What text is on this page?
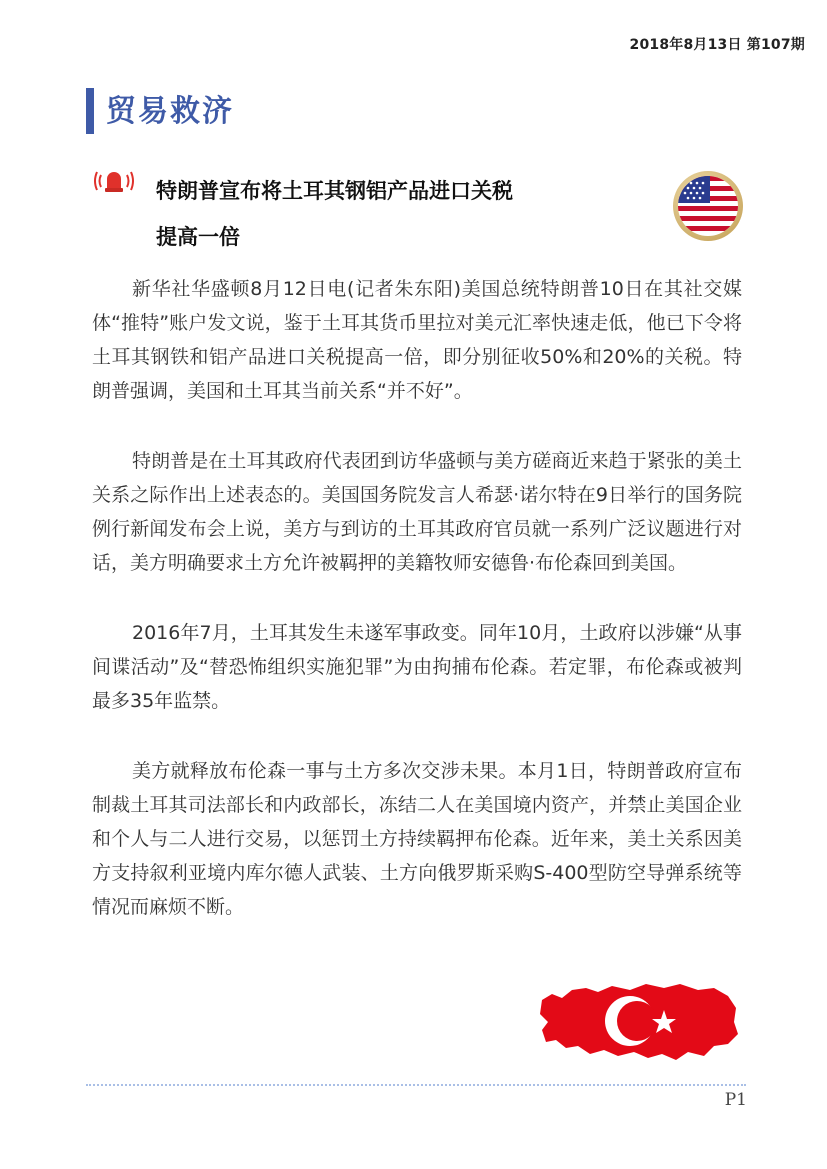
2018年8月13日 第107期
贸易救济
特朗普宣布将土耳其钢铝产品进口关税
提高一倍

新华社华盛顿8月12日电(记者朱东阳)美国总统特朗普10日在其社交媒体“推特”账户发文说，鉴于土耳其货币里拉对美元汇率快速走低，他已下令将土耳其钢铁和铝产品进口关税提高一倍，即分别征收50%和20%的关税。特朗普强调，美国和土耳其当前关系“并不好”。

特朗普是在土耳其政府代表团到访华盛顿与美方磋商近来趋于紧张的美土关系之际作出上述表态的。美国国务院发言人希瑟·诺尔特在9日举行的国务院例行新闻发布会上说，美方与到访的土耳其政府官员就一系列广泛议题进行对话，美方明确要求土方允许被羁押的美籍牧师安德鲁·布伦森回到美国。

2016年7月，土耳其发生未遂军事政变。同年10月，土政府以涉嫌“从事间谍活动”及“替恐怖组织实施犯罪”为由拘捕布伦森。若定罪，布伦森或被判最多35年监禁。

美方就释放布伦森一事与土方多次交涉未果。本月1日，特朗普政府宣布制裁土耳其司法部长和内政部长，冻结二人在美国境内资产，并禁止美国企业和个人与二人进行交易，以惩罚土方持续羁押布伦森。近年来，美土关系因美方支持叙利亚境内库尔德人武装、土方向俄罗斯采购S-400型防空导弹系统等情况而麻烦不断。

P1
